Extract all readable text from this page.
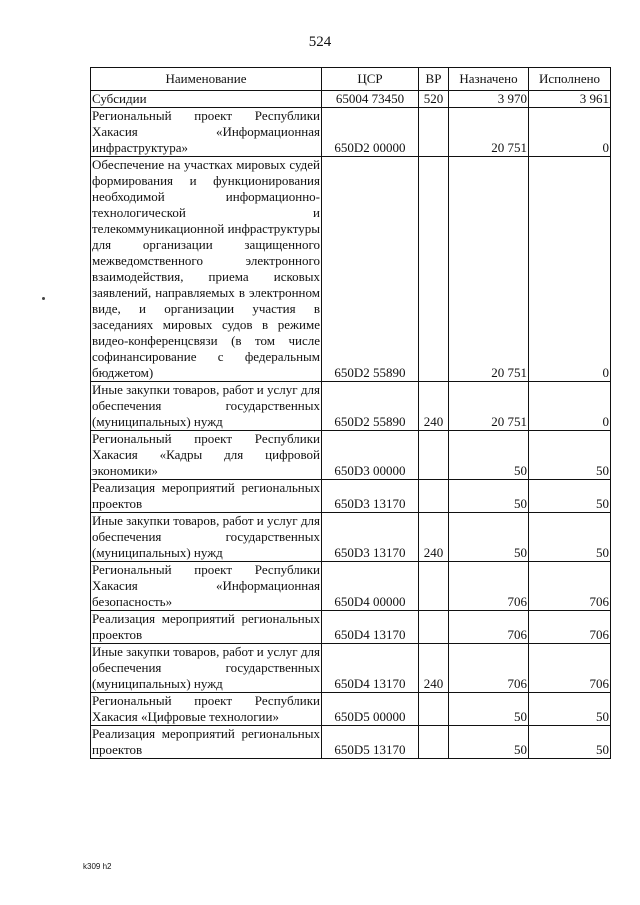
524
Наименование	ЦСР	ВР	Назначено	Исполнено
Субсидии	65004 73450	520	3 970	3 961
Региональный проект Республики Хакасия «Информационная инфраструктура»	650D2 00000		20 751	0
Обеспечение на участках мировых судей формирования и функционирования необходимой информационно-технологической и телекоммуникационной инфраструктуры для организации защищенного межведомственного электронного взаимодействия, приема исковых заявлений, направляемых в электронном виде, и организации участия в заседаниях мировых судов в режиме видео-конференцсвязи (в том числе софинансирование с федеральным бюджетом)	650D2 55890		20 751	0
Иные закупки товаров, работ и услуг для обеспечения государственных (муниципальных) нужд	650D2 55890	240	20 751	0
Региональный проект Республики Хакасия «Кадры для цифровой экономики»	650D3 00000		50	50
Реализация мероприятий региональных проектов	650D3 13170		50	50
Иные закупки товаров, работ и услуг для обеспечения государственных (муниципальных) нужд	650D3 13170	240	50	50
Региональный проект Республики Хакасия «Информационная безопасность»	650D4 00000		706	706
Реализация мероприятий региональных проектов	650D4 13170		706	706
Иные закупки товаров, работ и услуг для обеспечения государственных (муниципальных) нужд	650D4 13170	240	706	706
Региональный проект Республики Хакасия «Цифровые технологии»	650D5 00000		50	50
Реализация мероприятий региональных проектов	650D5 13170		50	50
k309 h2
